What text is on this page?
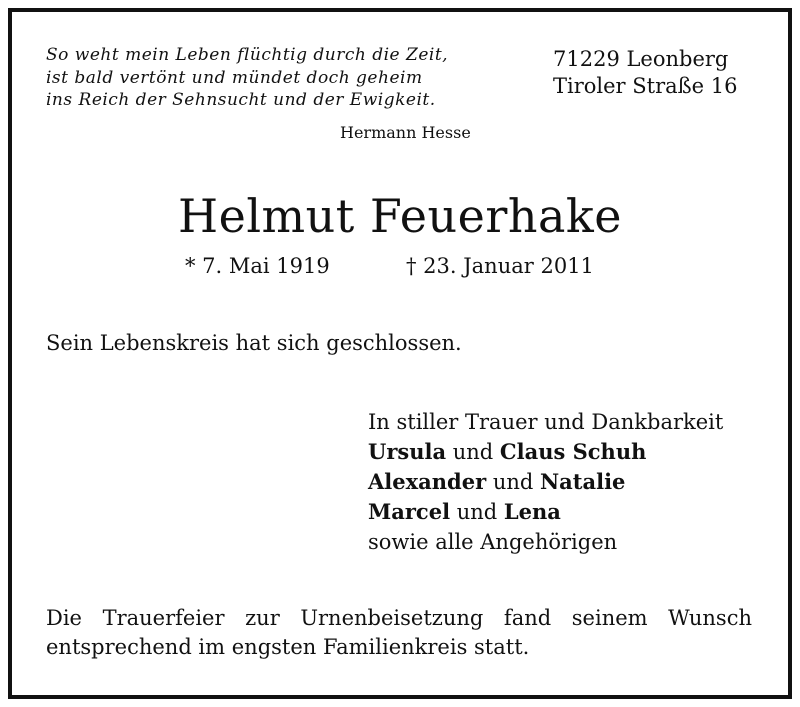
So weht mein Leben flüchtig durch die Zeit,
ist bald vertönt und mündet doch geheim
ins Reich der Sehnsucht und der Ewigkeit.
Hermann Hesse
71229 Leonberg
Tiroler Straße 16
Helmut Feuerhake
* 7. Mai 1919	† 23. Januar 2011
Sein Lebenskreis hat sich geschlossen.
In stiller Trauer und Dankbarkeit
Ursula und Claus Schuh
Alexander und Natalie
Marcel und Lena
sowie alle Angehörigen
Die Trauerfeier zur Urnenbeisetzung fand seinem Wunsch
entsprechend im engsten Familienkreis statt.
